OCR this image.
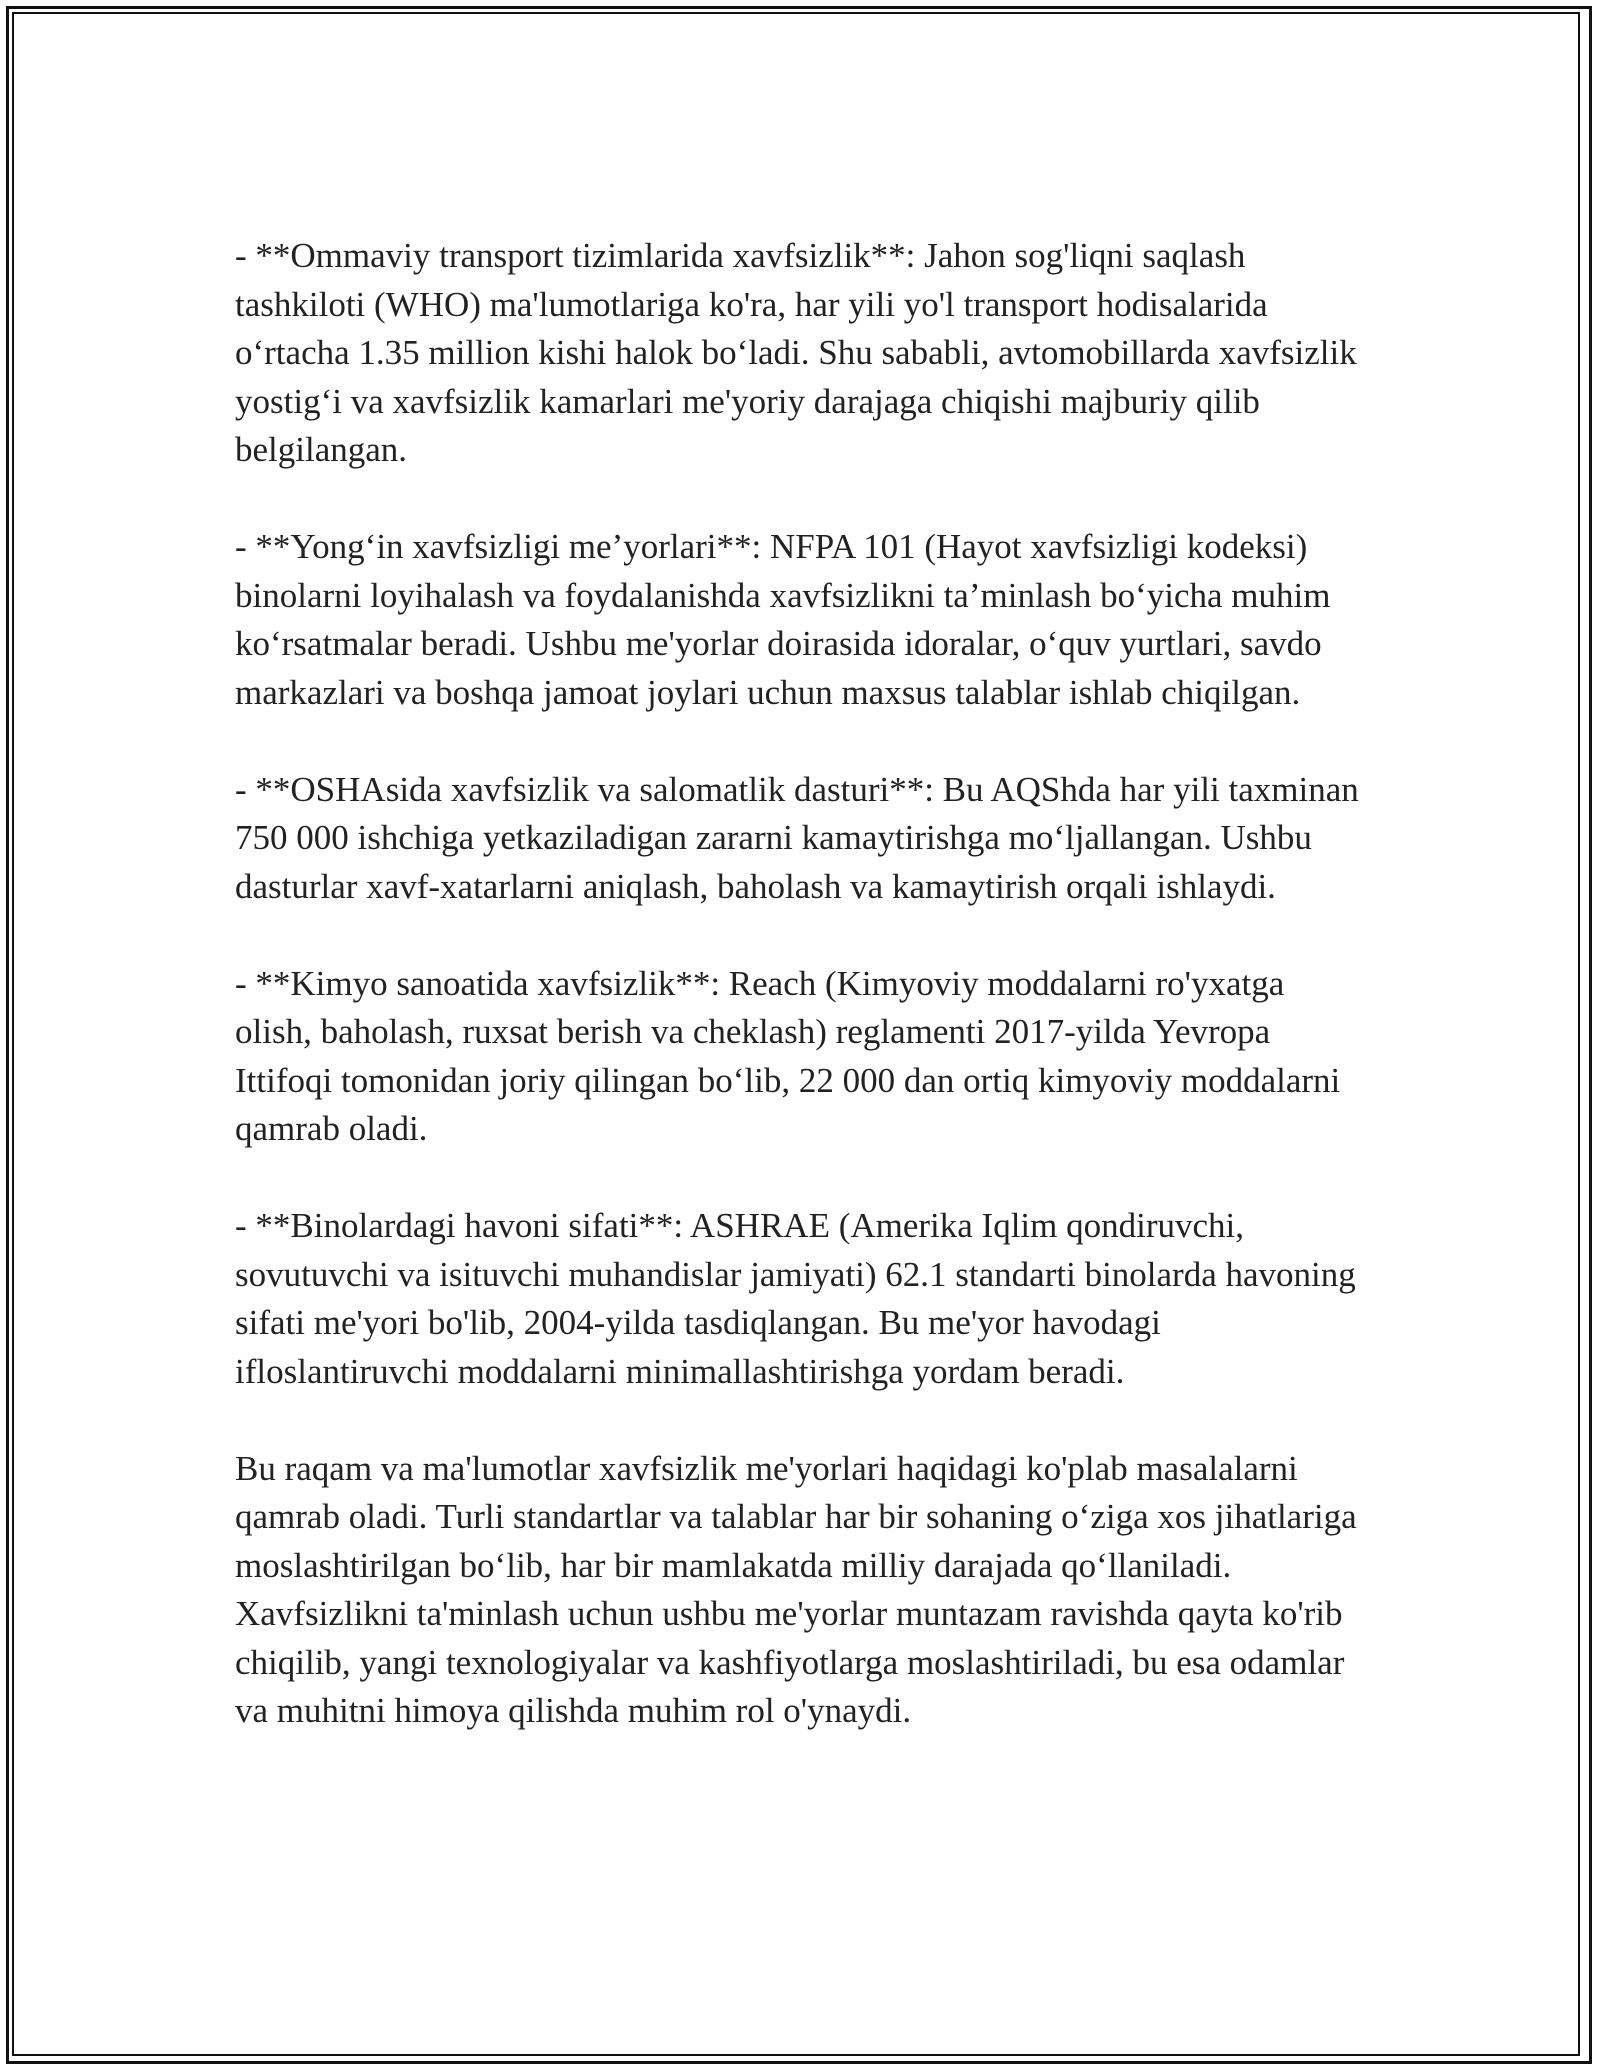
- **Ommaviy transport tizimlarida xavfsizlik**: Jahon sog'liqni saqlash tashkiloti (WHO) ma'lumotlariga ko'ra, har yili yo'l transport hodisalarida o‘rtacha 1.35 million kishi halok bo‘ladi. Shu sababli, avtomobillarda xavfsizlik yostig‘i va xavfsizlik kamarlari me'yoriy darajaga chiqishi majburiy qilib belgilangan.

- **Yong‘in xavfsizligi me’yorlari**: NFPA 101 (Hayot xavfsizligi kodeksi) binolarni loyihalash va foydalanishda xavfsizlikni ta’minlash bo‘yicha muhim ko‘rsatmalar beradi. Ushbu me'yorlar doirasida idoralar, o‘quv yurtlari, savdo markazlari va boshqa jamoat joylari uchun maxsus talablar ishlab chiqilgan.

- **OSHAsida xavfsizlik va salomatlik dasturi**: Bu AQShda har yili taxminan 750 000 ishchiga yetkaziladigan zararni kamaytirishga mo‘ljallangan. Ushbu dasturlar xavf-xatarlarni aniqlash, baholash va kamaytirish orqali ishlaydi.

- **Kimyo sanoatida xavfsizlik**: Reach (Kimyoviy moddalarni ro'yxatga olish, baholash, ruxsat berish va cheklash) reglamenti 2017-yilda Yevropa Ittifoqi tomonidan joriy qilingan bo‘lib, 22 000 dan ortiq kimyoviy moddalarni qamrab oladi.

- **Binolardagi havoni sifati**: ASHRAE (Amerika Iqlim qondiruvchi, sovutuvchi va isituvchi muhandislar jamiyati) 62.1 standarti binolarda havoning sifati me'yori bo'lib, 2004-yilda tasdiqlangan. Bu me'yor havodagi ifloslantiruvchi moddalarni minimallashtirishga yordam beradi.

Bu raqam va ma'lumotlar xavfsizlik me'yorlari haqidagi ko'plab masalalarni qamrab oladi. Turli standartlar va talablar har bir sohaning o‘ziga xos jihatlariga moslashtirilgan bo‘lib, har bir mamlakatda milliy darajada qo‘llaniladi. Xavfsizlikni ta'minlash uchun ushbu me'yorlar muntazam ravishda qayta ko'rib chiqilib, yangi texnologiyalar va kashfiyotlarga moslashtiriladi, bu esa odamlar va muhitni himoya qilishda muhim rol o'ynaydi.
